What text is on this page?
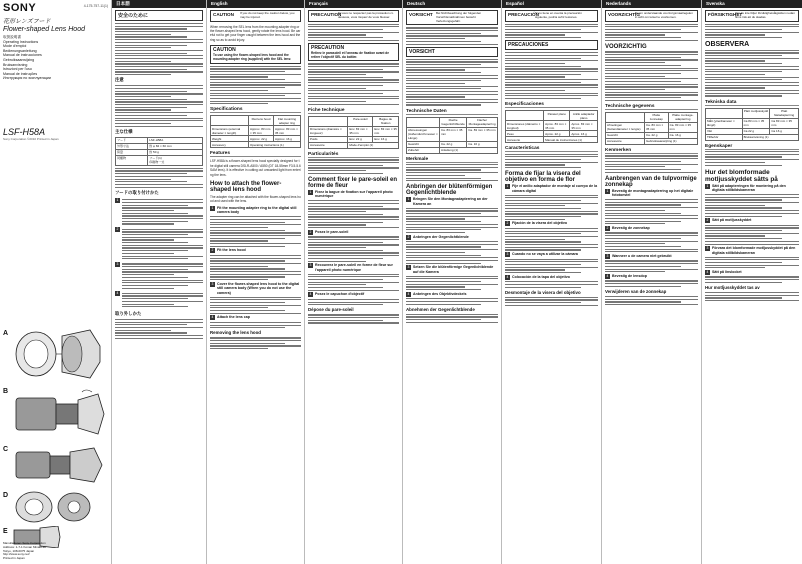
SONY	4-175-757-11(1)
花形レンズフード
Flower-shaped Lens Hood
取扱説明書
Operating Instructions
Mode d'emploi
Bedienungsanleitung
Manual de instrucciones
Gebruiksaanwijzing
Bruksanvisning
Istruzioni per l'uso
Manual de instruções
Инструкция по эксплуатации
LSF-H58A
Sony Corporation ©2010 Printed in Japan
A
B
C
D
E
Manufacturer: Sony Corporation
Address: 1-7-1 Konan Minato-ku
Tokyo, 108-0075 Japan
http://www.sony.net/
Printed in Japan
日本語
安全のために
注意
主な仕様
フード	LSF-H58A
外形寸法	約 φ 84 × 60 mm
質量	約 50 g
同梱物	フード(1)
印刷物一式
フードの取り付けかた
1
2
3
4
取り外しかた
English
CAUTION	If you do not keep the caution below, you may be injured.
When removing the SEL lens from the mounting adapter ring or the flower-shaped lens hood, gently rotate the lens hood. Be careful not to get your finger caught between the lens hood and the ring so as to avoid injury.
CAUTION
To use using the flower-shaped lens hood and the mounting adapter ring (supplied) with the SEL lens:
Specifications
	Flat lens hood	Flat mounting adapter ring
Dimensions (external diameter × length)	Approx. 83 mm × 35 mm	Approx. 83 mm × 35 mm
Weight	Approx. 22 g	Approx. 16 g
Accessory	Operating instructions (1)	
Features
LSF-H58A is a flower-shaped lens hood specially designed for the digital still camera DSLR-A500 / A550 (DT 18-55mm F3.5-5.6 SAM lens). It is effective in cutting out unwanted light from entering the lens.
How to attach the flower-shaped lens hood
The adapter ring can be attached with the flower-shaped lens hood and used with the lens.
1 Fit the mounting adapter ring to the digital still camera body
2 Fit the lens hood
3 Cover the flower-shaped lens hood to the digital still camera body (When you do not use the camera)
4 Attach the lens cap
Removing the lens hood
Français
PRECAUTION
Si vous ne respectez pas la précaution ci-dessous, vous risquez de vous blesser.
PRECAUTION
Retirez le parasoleil et l'anneau de fixation avant de retirer l'objectif SEL du boîtier.
Fiche technique
	Pare-soleil	Bague de fixation
Dimensions (diamètre × longueur)	Env. 83 mm × 35 mm	Env. 83 mm × 35 mm
Poids	Env. 22 g	Env. 16 g
Accessoire	Mode d'emploi (1)	
Particularités
Comment fixer le pare-soleil en forme de fleur
1 Fixez la bague de fixation sur l'appareil photo numérique
2 Posez le pare-soleil
3 Recouvrez le pare-soleil en forme de fleur sur l'appareil photo numérique
4 Posez le capuchon d'objectif
Dépose du pare-soleil
Deutsch
VORSICHT Bei Nichtbeachtung der folgenden Vorsichtsmaßnahmen besteht Verletzungsgefahr.
VORSICHT
Technische Daten
	Flache Gegenlichtblende	Flacher Montageadapterring
Abmessungen (Außendurchmesser × Länge)	Ca. 83 mm × 35 mm	Ca. 83 mm × 35 mm
Gewicht	Ca. 22 g	Ca. 16 g
Zubehör	Anleitung (1)	
Merkmale
Anbringen der blütenförmigen Gegenlichtblende
1 Bringen Sie den Montageadapterring an der Kamera an
2 Anbringen der Gegenlichtblende
3 Setzen Sie die blütenförmige Gegenlichtblende auf die Kamera
4 Anbringen des Objektivdeckels
Abnehmen der Gegenlichtblende
Español
PRECAUCIÓN
Si no tiene en cuenta la precaución siguiente, podría sufrir lesiones.
PRECAUCIONES
Especificaciones
	Parasol plano	Anillo adaptador plano
Dimensiones (diámetro × longitud)	Aprox. 83 mm × 35 mm	Aprox. 83 mm × 35 mm
Peso	Aprox. 22 g	Aprox. 16 g
Accesorio	Manual de instrucciones (1)	
Características
Forma de fijar la visera del objetivo en forma de flor
1 Fije el anillo adaptador de montaje al cuerpo de la cámara digital
2 Fijación de la visera del objetivo
3 Cuando no se vaya a utilizar la cámara
4 Colocación de la tapa del objetivo
Desmontaje de la visera del objetivo
Nederlands
VOORZICHTIG
Neem onderstaande voorzorgsmaatregelen in acht om letsel te voorkomen.
VOORZICHTIG
Technische gegevens
	Platte zonnekap	Platte montage-adapterring
Afmetingen (buitendiameter × lengte)	Ca. 83 mm × 35 mm	Ca. 83 mm × 35 mm
Gewicht	Ca. 22 g	Ca. 16 g
Accessoire	Gebruiksaanwijzing (1)	
Kenmerken
Aanbrengen van de tulpvormige zonnekap
1 Bevestig de montageadapterring op het digitale fototoestel
2 Bevestig de zonnekap
3 Wanneer u de camera niet gebruikt
4 Bevestig de lensdop
Verwijderen van de zonnekap
Svenska
FÖRSIKTIGHET
Om du inte följer försiktighetsåtgärden nedan finns risk att du skadas.
OBSERVERA
Tekniska data
	Platt motljusskydd	Platt fästadapterring
Mått (ytterdiameter × längd)	Ca 83 mm × 35 mm	Ca 83 mm × 35 mm
Vikt	Ca 22 g	Ca 16 g
Tillbehör	Bruksanvisning (1)	
Egenskaper
Hur det blomformade motljusskyddet sätts på
1 Sätt på adapterringen för montering på den digitala stillbildskameran
2 Sätt på motljusskyddet
3 Förvara det blomformade motljusskyddet på den digitala stillbildskameran
4 Sätt på linslocket
Hur motljusskyddet tas av
